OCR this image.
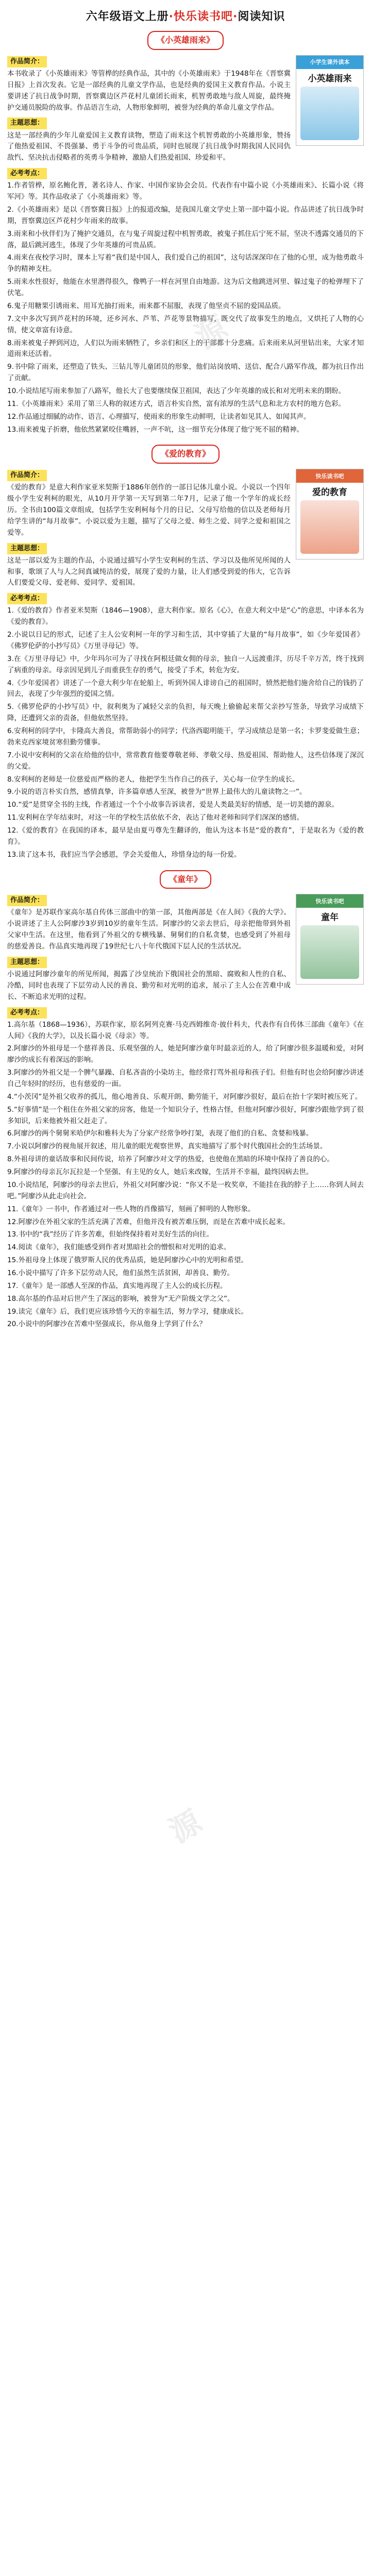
源
源
六年级语文上册·快乐读书吧·阅读知识
《小英雄雨来》
作品简介：

本书收录了《小英雄雨来》等管桦的经典作品，其中的《小英雄雨来》于1948年在《晋察冀日报》上首次发表。它是一部经典的儿童文学作品，也是经典的爱国主义教育作品。小说主要讲述了抗日战争时期，晋察冀边区芦花村儿童团长雨来，机智勇敢地与敌人周旋，最终掩护交通员脱险的故事。作品语言生动，人物形象鲜明，被誉为经典的革命儿童文学作品。

主题思想：

这是一部经典的少年儿童爱国主义教育读物，塑造了雨来这个机智勇敢的小英雄形象，赞扬了他热爱祖国、不畏强暴、勇于斗争的可贵品质，同时也展现了抗日战争时期我国人民同仇敌忾、坚决抗击侵略者的英勇斗争精神，激励人们热爱祖国、珍爱和平。

小学生课外读本
小英雄雨来
必考考点：

1.作者管桦，原名鲍化普，著名诗人、作家、中国作家协会会员。代表作有中篇小说《小英雄雨来》、长篇小说《将军河》等。其作品收录了《小英雄雨来》等。

2.《小英雄雨来》是以《晋察冀日报》上的报道改编，是我国儿童文学史上第一部中篇小说。作品讲述了抗日战争时期，晋察冀边区芦花村少年雨来的故事。

3.雨来和小伙伴们为了掩护交通员，在与鬼子周旋过程中机智勇敢，被鬼子抓住后宁死不屈，坚决不透露交通员的下落，最后跳河逃生，体现了少年英雄的可贵品质。

4.雨来在夜校学习时，课本上写着“我们是中国人，我们爱自己的祖国”，这句话深深印在了他的心里，成为他勇敢斗争的精神支柱。

5.雨来水性很好，他能在水里潜得很久，像鸭子一样在河里自由地游。这为后文他跳进河里、躲过鬼子的枪弹埋下了伏笔。

6.鬼子用糖果引诱雨来、用耳光抽打雨来，雨来都不屈服，表现了他坚贞不屈的爱国品质。

7.文中多次写到芦花村的环境，还乡河水、芦苇、芦花等景物描写，既交代了故事发生的地点，又烘托了人物的心情，使文章富有诗意。

8.雨来被鬼子押到河边，人们以为雨来牺牲了，乡亲们和区上的干部都十分悲痛。后来雨来从河里钻出来，大家才知道雨来还活着。

9.书中除了雨来，还塑造了铁头、三钻儿等儿童团员的形象，他们站岗放哨、送信、配合八路军作战，都为抗日作出了贡献。

10.小说结尾写雨来参加了八路军，他长大了也要继续保卫祖国，表达了少年英雄的成长和对光明未来的期盼。

11.《小英雄雨来》采用了第三人称的叙述方式，语言朴实自然，富有浓厚的生活气息和北方农村的地方色彩。

12.作品通过细腻的动作、语言、心理描写，使雨来的形象生动鲜明，让读者如见其人、如闻其声。

13.雨来被鬼子折磨，他依然紧紧咬住嘴唇，一声不吭，这一细节充分体现了他宁死不屈的精神。

《爱的教育》
作品简介：

《爱的教育》是意大利作家亚米契斯于1886年创作的一部日记体儿童小说。小说以一个四年级小学生安利柯的眼光，从10月开学第一天写到第二年7月，记录了他一个学年的成长经历。全书由100篇文章组成，包括学生安利柯每个月的日记、父母写给他的信以及老师每月给学生讲的“每月故事”。小说以爱为主题，描写了父母之爱、师生之爱、同学之爱和祖国之爱等。

主题思想：

这是一部以爱为主题的作品，小说通过描写小学生安利柯的生活、学习以及他所见所闻的人和事，歌颂了人与人之间真诚纯洁的爱，展现了爱的力量，让人们感受到爱的伟大，它告诉人们要爱父母、爱老师、爱同学、爱祖国。

快乐读书吧
爱的教育
必考考点：

1.《爱的教育》作者亚米契斯（1846—1908），意大利作家。原名《心》，在意大利文中是“心”的意思，中译本名为《爱的教育》。

2.小说以日记的形式，记述了主人公安利柯一年的学习和生活，其中穿插了大量的“每月故事”，如《少年爱国者》《佛罗伦萨的小抄写员》《万里寻母记》等。

3.在《万里寻母记》中，少年玛尔可为了寻找在阿根廷做女佣的母亲，独自一人远渡重洋，历尽千辛万苦，终于找到了病重的母亲。母亲因见到儿子而重获生存的勇气，接受了手术，转危为安。

4.《少年爱国者》讲述了一个意大利少年在轮船上，听到外国人诽谤自己的祖国时，愤然把他们施舍给自己的钱扔了回去，表现了少年强烈的爱国之情。

5.《佛罗伦萨的小抄写员》中，叙利奥为了减轻父亲的负担，每天晚上偷偷起来帮父亲抄写签条，导致学习成绩下降，还遭到父亲的责备，但他依然坚持。

6.安利柯的同学中，卡隆高大善良，常帮助弱小的同学；代洛西聪明能干，学习成绩总是第一名；卡罗斐爱做生意；勃来克西家境贫寒但勤劳懂事。

7.小说中安利柯的父亲在给他的信中，常常教育他要尊敬老师、孝敬父母、热爱祖国、帮助他人，这些信体现了深沉的父爱。

8.安利柯的老师是一位慈爱而严格的老人，他把学生当作自己的孩子，关心每一位学生的成长。

9.小说的语言朴实自然，感情真挚，许多篇章感人至深，被誉为“世界上最伟大的儿童读物之一”。

10.“爱”是贯穿全书的主线，作者通过一个个小故事告诉读者，爱是人类最美好的情感，是一切美德的源泉。

11.安利柯在学年结束时，对这一年的学校生活依依不舍，表达了他对老师和同学们深深的感情。

12.《爱的教育》在我国的译本，最早是由夏丏尊先生翻译的，他认为这本书是“爱的教育”，于是取名为《爱的教育》。

13.读了这本书，我们应当学会感恩，学会关爱他人，珍惜身边的每一份爱。

《童年》
作品简介：

《童年》是苏联作家高尔基自传体三部曲中的第一部，其他两部是《在人间》《我的大学》。小说讲述了主人公阿廖沙3岁到10岁的童年生活。阿廖沙的父亲去世后，母亲把他带到外祖父家中生活。在这里，他看到了外祖父的专横残暴、舅舅们的自私贪婪，也感受到了外祖母的慈爱善良。作品真实地再现了19世纪七八十年代俄国下层人民的生活状况。

主题思想：

小说通过阿廖沙童年的所见所闻，揭露了沙皇统治下俄国社会的黑暗、腐败和人性的自私、冷酷，同时也表现了下层劳动人民的善良、勤劳和对光明的追求，展示了主人公在苦难中成长、不断追求光明的过程。

快乐读书吧
童年
必考考点：

1.高尔基（1868—1936），苏联作家，原名阿列克赛·马克西姆维奇·彼什科夫，代表作有自传体三部曲《童年》《在人间》《我的大学》，以及长篇小说《母亲》等。

2.阿廖沙的外祖母是一个慈祥善良、乐观坚强的人，她是阿廖沙童年时最亲近的人，给了阿廖沙很多温暖和爱，对阿廖沙的成长有着深远的影响。

3.阿廖沙的外祖父是一个脾气暴躁、自私吝啬的小染坊主，他经常打骂外祖母和孩子们。但他有时也会给阿廖沙讲述自己年轻时的经历，也有慈爱的一面。

4.“小茨冈”是外祖父收养的孤儿，他心地善良、乐观开朗、勤劳能干，对阿廖沙很好，最后在抬十字架时被压死了。

5.“好事情”是一个租住在外祖父家的房客，他是一个知识分子，性格古怪，但他对阿廖沙很好，阿廖沙跟他学到了很多知识，后来他被外祖父赶走了。

6.阿廖沙的两个舅舅米哈伊尔和雅科夫为了分家产经常争吵打架，表现了他们的自私、贪婪和残暴。

7.小说以阿廖沙的视角展开叙述，用儿童的眼光观察世界，真实地描写了那个时代俄国社会的生活场景。

8.外祖母讲的童话故事和民间传说，培养了阿廖沙对文学的热爱，也使他在黑暗的环境中保持了善良的心。

9.阿廖沙的母亲瓦尔瓦拉是一个坚强、有主见的女人，她后来改嫁，生活并不幸福，最终因病去世。

10.小说结尾，阿廖沙的母亲去世后，外祖父对阿廖沙说：“你又不是一枚奖章，不能挂在我的脖子上……你到人间去吧。”阿廖沙从此走向社会。

11.《童年》一书中，作者通过对一些人物的肖像描写，刻画了鲜明的人物形象。

12.阿廖沙在外祖父家的生活充满了苦难，但他并没有被苦难压倒，而是在苦难中成长起来。

13.书中的“我”经历了许多苦难，但始终保持着对美好生活的向往。

14.阅读《童年》，我们能感受到作者对黑暗社会的憎恨和对光明的追求。

15.外祖母身上体现了俄罗斯人民的优秀品质，她是阿廖沙心中的光明和希望。

16.小说中描写了许多下层劳动人民，他们虽然生活贫困，却善良、勤劳。

17.《童年》是一部感人至深的作品，真实地再现了主人公的成长历程。

18.高尔基的作品对后世产生了深远的影响，被誉为“无产阶级文学之父”。

19.读完《童年》后，我们更应该珍惜今天的幸福生活，努力学习，健康成长。

20.小说中的阿廖沙在苦难中坚强成长，你从他身上学到了什么？
